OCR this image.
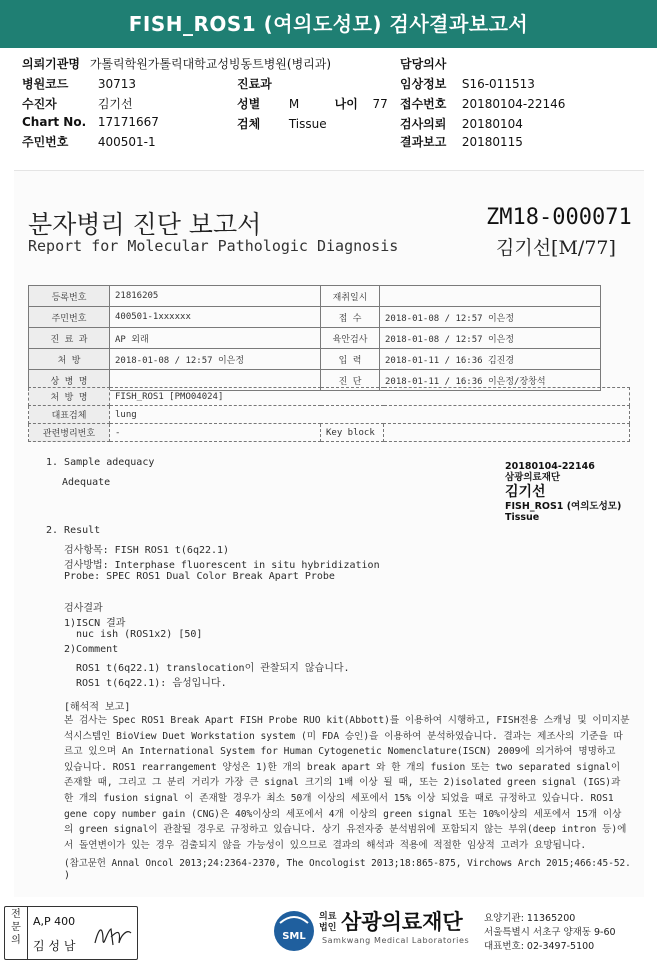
FISH_ROS1 (여의도성모) 검사결과보고서
의뢰기관명 가톨릭학원가톨릭대학교성빙동트병원(병리과)	담당의사
병원코드 30713	진료과	임상정보 S16-011513
수진자	김기선	성별 M	나이 77 접수번호 20180104-22146
Chart No. 17171667	검체 Tissue	검사의뢰 20180104
주민번호 400501-1	결과보고 20180115
분자병리 진단 보고서
Report for Molecular Pathologic Diagnosis
ZM18-000071
김기선[M/77]
등록번호	21816205	재취일시	
주민번호	400501-1xxxxxx	접 수	2018-01-08 / 12:57 이은정
진 료 과	AP 외래	육안검사	2018-01-08 / 12:57 이은정
처 방	2018-01-08 / 12:57 이은정	입 력	2018-01-11 / 16:36 김진경
상 병 명		진 단	2018-01-11 / 16:36 이은정/장창석
처 방 명	FISH_ROS1 [PMO04024]		
대표검체	lung		
관련병리번호	-	Key block	
1. Sample adequacy
Adequate
20180104-22146
삼광의료재단
김기선
FISH_ROS1 (여의도성모)
Tissue
2. Result
검사항목: FISH ROS1 t(6q22.1)
검사방법: Interphase fluorescent in situ hybridization
Probe: SPEC ROS1 Dual Color Break Apart Probe
검사결과
1)ISCN 결과
nuc ish (ROS1x2) [50]
2)Comment
ROS1 t(6q22.1) translocation이 관찰되지 않습니다.
ROS1 t(6q22.1): 음성입니다.
[해석적 보고]
본 검사는 Spec ROS1 Break Apart FISH Probe RUO kit(Abbott)를 이용하여 시행하고, FISH전용 스캐닝 및 이미지분석시스템인 BioView Duet Workstation system (미 FDA 승인)을 이용하여 분석하였습니다. 결과는 제조사의 기준을 따르고 있으며 An International System for Human Cytogenetic Nomenclature(ISCN) 2009에 의거하여 명명하고 있습니다. ROS1 rearrangement 양성은 1)한 개의 break apart 와 한 개의 fusion 또는 two separated signal이 존재할 때, 그리고 그 분리 거리가 가장 큰 signal 크기의 1배 이상 될 때, 또는 2)isolated green signal (IGS)과 한 개의 fusion signal 이 존재할 경우가 최소 50개 이상의 세포에서 15% 이상 되었을 때로 규정하고 있습니다. ROS1 gene copy number gain (CNG)은 40%이상의 세포에서 4개 이상의 green signal 또는 10%이상의 세포에서 15개 이상의 green signal이 관찰될 경우로 규정하고 있습니다. 상기 유전자중 분석범위에 포함되지 않는 부위(deep intron 등)에서 돌연변이가 있는 경우 검출되지 않을 가능성이 있으므로 결과의 해석과 적용에 적절한 임상적 고려가 요망됩니다.
(참고문헌 Annal Oncol 2013;24:2364-2370, The Oncologist 2013;18:865-875, Virchows Arch 2015;466:45-52.
)
전문의
A,P 400
김 성 남
SML
의료
법인 삼광의료재단
Samkwang Medical Laboratories
요양기관: 11365200
서울특별시 서초구 양재동 9-60
대표번호: 02-3497-5100
